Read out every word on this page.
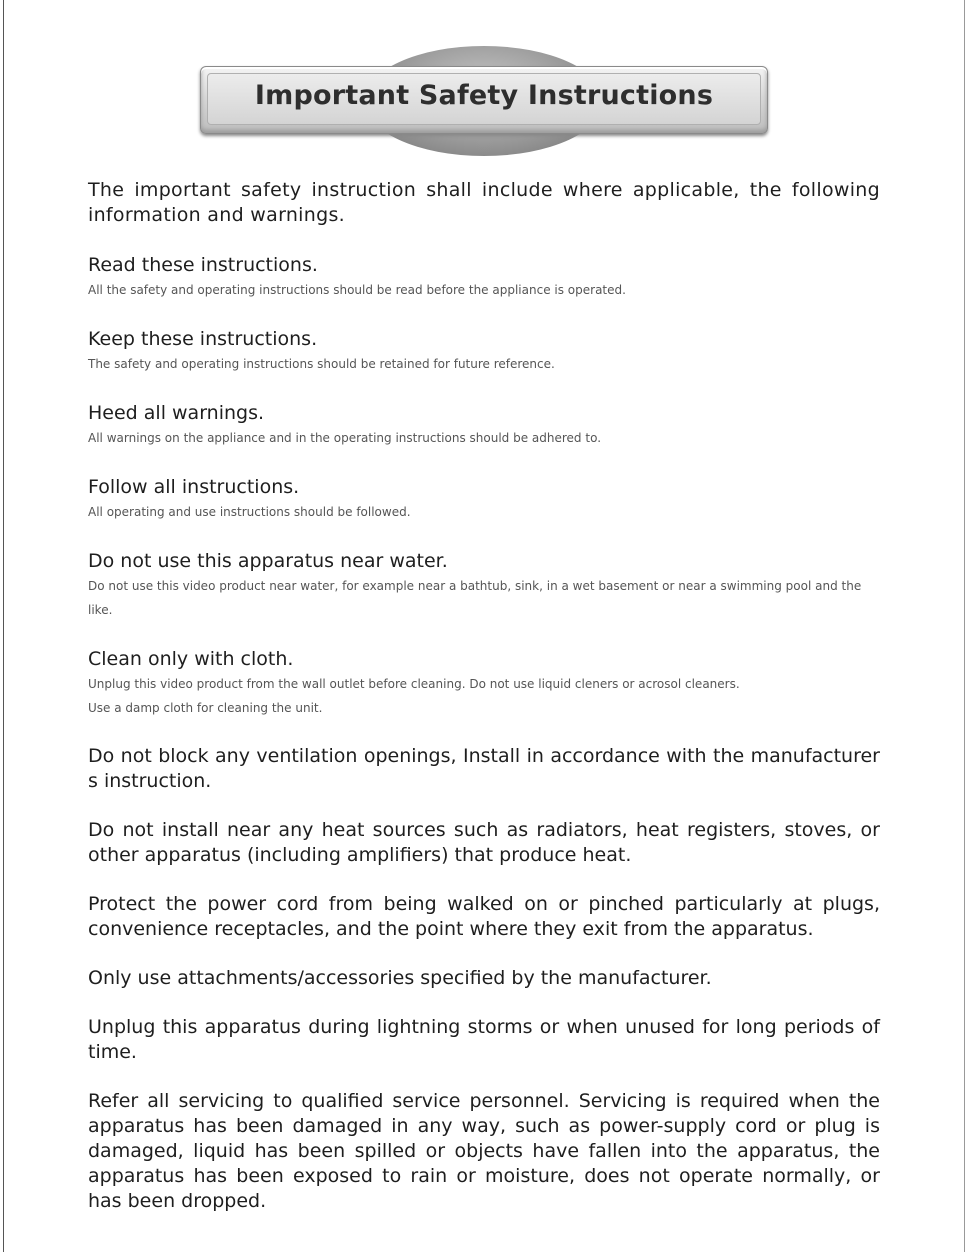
Important Safety Instructions

The important safety instruction shall include where applicable, the following information and warnings.

Read these instructions.

All the safety and operating instructions should be read before the appliance is operated.

Keep these instructions.

The safety and operating instructions should be retained for future reference.

Heed all warnings.

All warnings on the appliance and in the operating instructions should be adhered to.

Follow all instructions.

All operating and use instructions should be followed.

Do not use this apparatus near water.

Do not use this video product near water, for example near a bathtub, sink, in a wet basement or near a swimming pool and the like.

Clean only with cloth.

Unplug this video product from the wall outlet before cleaning. Do not use liquid cleners or acrosol cleaners.

Use a damp cloth for cleaning the unit.

Do not block any ventilation openings, Install in accordance with the manufacturer s instruction.

Do not install near any heat sources such as radiators, heat registers, stoves, or other apparatus (including amplifiers) that produce heat.

Protect the power cord from being walked on or pinched particularly at plugs, convenience receptacles, and the point where they exit from the apparatus.

Only use attachments/accessories specified by the manufacturer.

Unplug this apparatus during lightning storms or when unused for long periods of time.

Refer all servicing to qualified service personnel. Servicing is required when the apparatus has been damaged in any way, such as power-supply cord or plug is damaged, liquid has been spilled or objects have fallen into the apparatus, the apparatus has been exposed to rain or moisture, does not operate normally, or has been dropped.
